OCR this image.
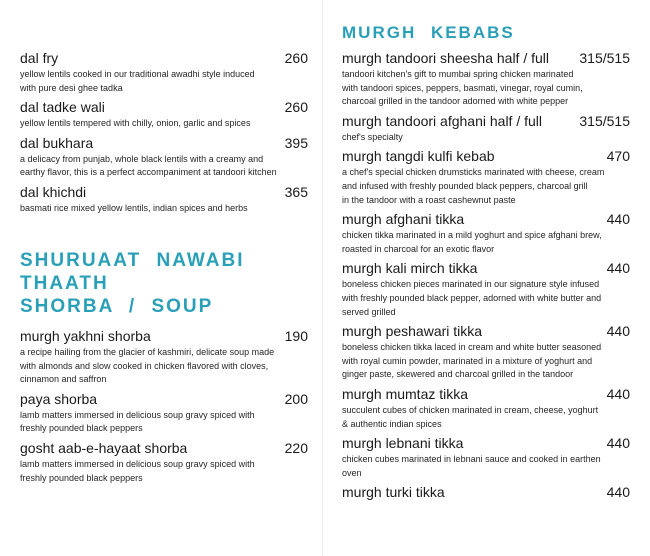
dal fry	260
yellow lentils cooked in our traditional awadhi style induced
with pure desi ghee tadka
dal tadke wali	260
yellow lentils tempered with chilly, onion, garlic and spices
dal bukhara	395
a delicacy from punjab, whole black lentils with a creamy and
earthy flavor, this is a perfect accompaniment at tandoori kitchen
dal khichdi	365
basmati rice mixed yellow lentils, indian spices and herbs

SHURUAAT NAWABI

THAATH

SHORBA / SOUP

murgh yakhni shorba	190
a recipe hailing from the glacier of kashmiri, delicate soup made
with almonds and slow cooked in chicken flavored with cloves,
cinnamon and saffron
paya shorba	200
lamb matters immersed in delicious soup gravy spiced with
freshly pounded black peppers
gosht aab-e-hayaat shorba	220
lamb matters immersed in delicious soup gravy spiced with
freshly pounded black peppers

MURGH KEBABS

murgh tandoori sheesha half / full 315/515
tandoori kitchen's gift to mumbai spring chicken marinated
with tandoori spices, peppers, basmati, vinegar, royal cumin,
charcoal grilled in the tandoor adorned with white pepper
murgh tandoori afghani half / full	315/515
chef's specialty
murgh tangdi kulfi kebab	470
a chef's special chicken drumsticks marinated with cheese, cream
and infused with freshly pounded black peppers, charcoal grill
in the tandoor with a roast cashewnut paste
murgh afghani tikka	440
chicken tikka marinated in a mild yoghurt and spice afghani brew,
roasted in charcoal for an exotic flavor
murgh kali mirch tikka	440
boneless chicken pieces marinated in our signature style infused
with freshly pounded black pepper, adorned with white butter and
served grilled
murgh peshawari tikka	440
boneless chicken tikka laced in cream and white butter seasoned
with royal cumin powder, marinated in a mixture of yoghurt and
ginger paste, skewered and charcoal grilled in the tandoor
murgh mumtaz tikka	440
succulent cubes of chicken marinated in cream, cheese, yoghurt
& authentic indian spices
murgh lebnani tikka	440
chicken cubes marinated in lebnani sauce and cooked in earthen
oven
murgh turki tikka	440
